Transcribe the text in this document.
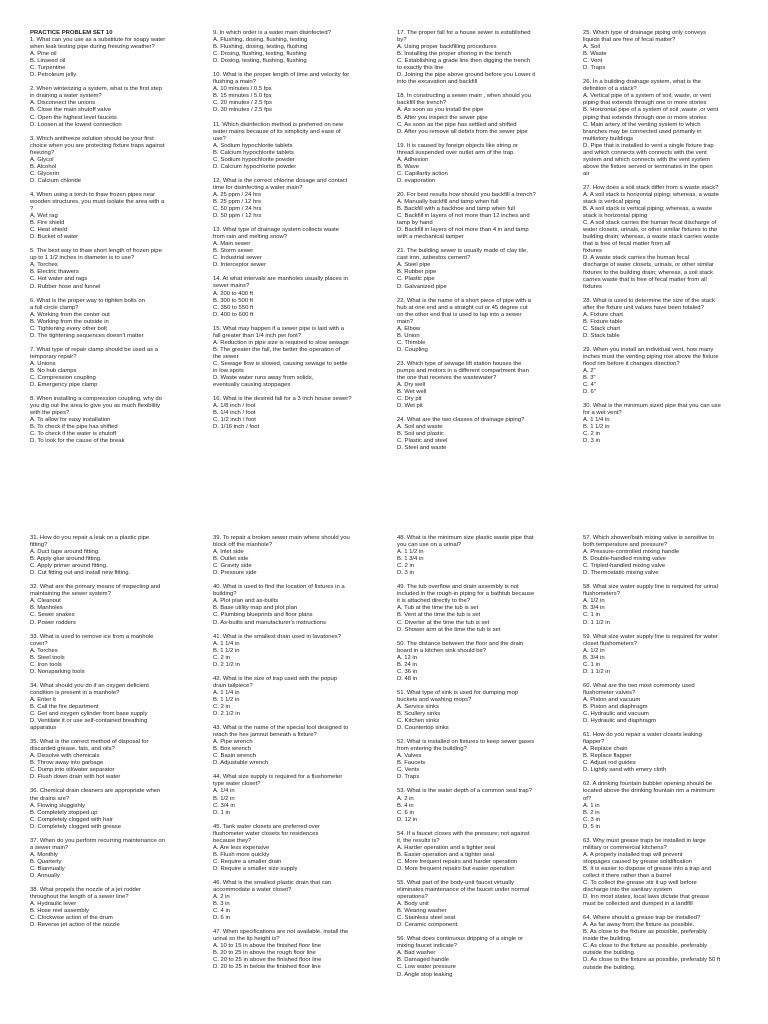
PRACTICE PROBLEM SET 10

1. What can you use as a substitute for soapy water

when leak testing pipe during freezing weather?

A. Pine oil

B. Linseed oil

C. Turpentine

D. Petroleum jelly

2. When winterizing a system, what is the first step

in draining a water system?

A. Disconnect the unions

B. Close the main shutoff valve

C. Open the highest level faucets

D. Loosen at the lowest connection

3. Which antifreeze solution should be your first

choice when you are protecting fixture traps against

freezing?

A. Glycol

B. Alcohol

C. Glycerin

D. Calcium chloride

4. When using a torch to thaw frozen pipes near

wooden structures, you must isolate the area with a

?

A. Wet rag

B. Fire shield

C. Heat shield

D. Bucket of water

5. The best way to thaw short length of frozen pipe

up to 1 1/2 inches in diameter is to use?

A. Torches

B. Electric thawers

C. Hot water and rags

D. Rubber hose and funnel

6. What is the proper way to tighten bolts on

a full circle clamp?

A. Working from the center out

B. Working from the outside in

C. Tightening every other bolt

D. The tightening sequences doesn't matter

7. What type of repair clamp should be used as a

temporary repair?

A. Unions

B. No hub clamps

C. Compression coupling

D. Emergency pipe clamp

8. When installing a compression coupling, why do

you dig out the area to give you as much flexibility

with the pipes?

A. To allow for easy installation

B. To check if the pipe has shifted

C. To check if the water is shutoff

D. To look for the cause of the break

9. In which order is a water main disinfected?

A. Flushing, dosing, flushing, testing

B. Flushing, dosing, testing, flushing

C. Dosing, flushing, testing, flushing

D. Dosing, testing, flushing, flushing

10. What is the proper length of time and velocity for

flushing a main?

A. 10 minutes / 0.5 fps

B. 15 minutes / 5.0 fps

C. 20 minutes / 2.5 fps

D. 30 minutes / 2.5 fps

11. Which disinfection method is preferred on new

water mains because of its simplicity and ease of

use?

A. Sodium hypochlorite tablets

B. Calcium hypochlorite tablets

C. Sodium hypochlorite powder

D. Calcium hypochlorite powder

12. What is the correct chlorine dosage and contact

time for disinfecting a water main?

A. 25 ppm / 24 hrs

B. 25 ppm / 12 hrs

C. 50 ppm / 24 hrs

D. 50 ppm / 12 hrs

13. What type of drainage system collects waste

from rain and melting snow?

A. Main sewer

B. Storm sewer

C. Industrial sewer

D. Interceptor sewer

14. At what intervals are manholes usually places in

sewer mains?

A. 200 to 400 ft

B. 300 to 500 ft

C. 350 to 550 ft

D. 400 to 600 ft

15. What may happen if a sewer pipe is laid with a

fall greater than 1/4 inch per foot?

A. Reduction in pipe size is required to slow sewage

B. The greater the fall, the better the operation of

the sewer

C. Sewage flow is slowed, causing sewage to settle

in low spots

D. Waste water runs away from solids,

eventually causing stoppages

16. What is the desired fall for a 3 inch house sewer?

A. 1/8 inch / foot

B. 1/4 inch / foot

C. 1/2 inch / foot

D. 1/16 inch / foot

17. The proper fall for a house sewer is established

by?

A. Using proper backfilling procedures

B. Installing the proper shoring in the trench

C. Establishing a grade line then digging the trench

to exactly this line

D. Joining the pipe above ground before you Lower it

into the excavation and backfill

18. In constructing a sewer main , when should you

backfill the trench?

A. As soon as you install the pipe

B. After you inspect the sewer pipe

C. As soon as the pipe has settled and shifted

D. After you remove all debris from the sewer pipe

19. It is caused by foreign objects like string or

thread suspended over outlet arm of the trap.

A. Adhesion

B. Wave

C. Capillarity action

D. evaporation

20. For best results how should you backfill a trench?

A. Manually backfill and tamp when full

B. Backfill with a backhoe and tamp when full

C. Backfill in layers of not more than 12 inches and

tamp by hand

D. Backfill in layers of not more than 4 in and tamp

with a mechanical tamper

21. The building sewer is usually made of clay tile,

cast iron, asbestos cement?

A. Steel pipe

B. Rubber pipe

C. Plastic pipe

D. Galvanized pipe

22. What is the name of a short piece of pipe with a

hub at one end and a straight cut or 45 degree cut

on the other end that is used to tap into a sewer

main?

A. Elbow

B. Union

C. Thimble

D. Coupling

23. Which type of sewage lift station houses the

pumps and motors in a different compartment than

the one that receives the wastewater?

A. Dry well

B. Wet well

C. Dry pit

D. Wet pit

24. What are the two classes of drainage piping?

A. Soil and waste

B. Soil and plastic

C. Plastic and steel

D. Steel and waste

25. Which type of drainage piping only conveys

liquids that are free of fecal matter?

A. Soil

B. Waste

C. Vent

D. Traps

26. In a building drainage system, what is the

definition of a stack?

A. Vertical pipe of a system of soil, waste, or vent

piping that extends through one or more stories

B. Horizontal pipe of a system of soil ,waste ,or vent

piping that extends through one or more stories

C. Main artery of the venting system to which

branches may be connected used primarily in

multistory buildings

D. Pipe that is installed to vent a single fixture trap

and which connects with connects with the vent

system and which connects with the vent system

above the fixture served or terminates in the open

air

27. How does a soil stack differ from a waste stack?

A. A soil stack is horizontal piping; whereas, a waste

stack is vertical piping

B. A soil stack is vertical piping; whereas, a waste

stack is horizontal piping

C. A soil stack carries the human fecal discharge of

water closets, urinals, or other similar fixtures to the

building drain; whereas, a waste stack carries waste

that is free of fecal matter from all

fixtures

D. A waste stack carries the human fecal

discharge of water closets, urinals, or other similar

fixtures to the building drain; whereas, a soil stack

carries waste that is free of fecal matter from all

fixtures

28. What is used to determine the size of the stack

after the fixture unit values have been totaled?

A. Fixture chart

B. Fixture table

C. Stack chart

D. Stack table

29. When you install an individual vent, how many

inches must the venting piping rise above the fixture

flood rim before it changes direction?

A. 2"

B. 3"

C. 4"

D. 6"

30. What is the minimum sized pipe that you can use

for a wet vent?

A. 1 1/4 in

B. 1 1/2 in

C. 2 in

D. 3 in

31. How do you repair a leak on a plastic pipe

fitting?

A. Duct tape around fitting.

B. Apply glue around fitting.

C. Apply primer around fitting.

D. Cut fitting out and install new fitting.

32. What are the primary means of inspecting and

maintaining the sewer system?

A. Cleanout

B. Manholes

C. Sewer snakes

D. Power rodders

33. What is used to remove ice from a manhole

cover?

A. Torches

B. Steel tools

C. Iron tools

D. Nonsparking tools

34. What should you do if an oxygen deficient

condition is present in a manhole?

A. Enter it

B. Call the fire department

C. Get and oxygen cylinder from base supply

D. Ventilate it or use self-contained breathing

apparatus

35. What is the correct method of disposal for

discarded grease, fats, and oils?

A. Dissolve with chemicals

B. Throw away into garbage

C. Dump into oil/water separator

D. Flush down drain with hot water

36. Chemical drain cleaners are appropriate when

the drains are?

A. Flowing sluggishly

B. Completely stopped up

C. Completely clogged with hair

D. Completely clogged with grease

37. When do you perform recurring maintenance on

a sewer main?

A. Monthly

B. Quarterly

C. Biannually

D. Annually

38. What propels the nozzle of a jet rodder

throughout the length of a sewer line?

A. Hydraulic lever

B. Hose reel assembly

C. Clockwise action of the drum

D. Reverse jet action of the nozzle

39. To repair a broken sewer main where should you

block off the manhole?

A. Inlet side

B. Outlet side

C. Gravity side

D. Pressure side

40. What is used to find the location of fixtures in a

building?

A. Plot plan and as-builts

B. Base utility map and plot plan

C. Plumbing blueprints and floor plans

D. As-builts and manufacturer's instructions

41. What is the smallest drain used in lavatories?

A. 1 1/4 in

B. 1 1/2 in

C. 2 in

D. 2 1/2 in

42. What is the size of trap used with the popup

drain tailpiece?

A. 1 1/4 in

B. 1 1/2 in

C. 2 in

D. 2 1/2 in

43. What is the name of the special tool designed to

reach the hex jamnut beneath a fixture?

A. Pipe wrench

B. Box wrench

C. Basin wrench

D. Adjustable wrench

44. What size supply is required for a flushometer

type water closet?

A. 1/4 in

B. 1/2 in

C. 3/4 in

D. 1 in

45. Tank water closets are preferred over

flushometer water closets for residences

because they?

A. Are less expensive

B. Flush more quickly

C. Require a smaller drain

D. Require a smaller size supply

46. What is the smallest plastic drain that can

accommodate a water closet?

A. 2 in

B. 3 in

C. 4 in

D. 6 in

47. When specifications are not available, install the

urinal so the lip height is?

A. 10 to 15 in above the finished floor line

B. 20 to 25 in above the rough floor line

C. 20 to 25 in above the finished floor line

D. 20 to 25 in below the finished floor line

48. What is the minimum size plastic waste pipe that

you can use on a urinal?

A. 1 1/2 in

B. 1 3/4 in

C. 2 in

D. 3 in

49. The tub overflow and drain assembly is not

included in the rough-in piping for a bathtub because

it is attached directly to the?

A. Tub at the time the tub is set

B. Vent at the time the tub is set

C. Diverter at the time the tub is set

D. Shower arm at the time the tub is set

50. The distance between the floor and the drain

board in a kitchen sink should be?

A. 12 in

B. 24 in

C. 36 in

D. 48 in

51. What type of sink is used for dumping mop

buckets and washing mops?

A. Service sinks

B. Scullery sinks

C. Kitchen sinks

D. Countertop sinks

52. What is installed on fixtures to keep sewer gases

from entering the building?

A. Valves

B. Faucets

C. Vents

D. Traps

53. What is the water depth of a common seal trap?

A. 2 in

B. 4 in

C. 6 in

D. 12 in

54. If a faucet closes with the pressure; not against

it, the results is?

A. Harder operation and a tighter seal

B. Easier operation and a tighter seal

C. More frequent repairs and harder operation

D. More frequent repairs but easier operation

55. What part of the body-unit faucet virtually

eliminates maintenance of the faucet under normal

operations?

A. Body unit

B. Wearing washer

C. Stainless steel seat

D. Ceramic component

56. What does continuous dripping of a single or

mixing faucet indicate?

A. Bad washer

B. Damaged handle

C. Low water pressure

D. Angle stop leaking

57. Which shower/bath mixing valve is sensitive to

both temperature and pressure?

A. Pressure-controlled mixing handle

B. Double-handled mixing valve

C. Tripled-handled mixing valve

D. Thermostatic mixing valve

58. What size water supply line is required for urinal

flushometers?

A. 1/2 in

B. 3/4 in

C. 1 in

D. 1 1/2 in

59. What size water supply line is required for water

closet flushometers?

A. 1/2 in

B. 3/4 in

C. 1 in

D. 1 1/2 in

60. What are the two most commonly used

flushometer valves?

A. Piston and vacuum

B. Piston and diaphragm

C. Hydraulic and vacuum

D. Hydraulic and diaphragm

61. How do you repair a water closets leaking

flapper?

A. Replace chain

B. Replace flapper

C. Adjust rod guides

D. Lightly sand with emery cloth

62. A drinking fountain bubbler opening should be

located above the drinking fountain rim a minimum

of?

A. 1 in

B. 2 in

C. 3 in

D. 5 in

63. Why must grease traps be installed in large

military or commercial kitchens?

A. A properly installed trap will prevent

stoppages caused by grease solidification

B. It is easier to dispose of grease into a trap and

collect it there rather than a barrel

C. To collect the grease stir it up well before

discharge into the sanitary system

D. Inn most states, local laws dictate that grease

must be collected and dumped in a landfill

64. Where should a grease trap be installed?

A. As far away from the fixture as possible.

B. As close to the fixture as possible, preferably

inside the building.

C. As close to the fixture as possible, preferably

outside the building.

D. As close to the fixture as possible, preferably 50 ft

outside the building.
